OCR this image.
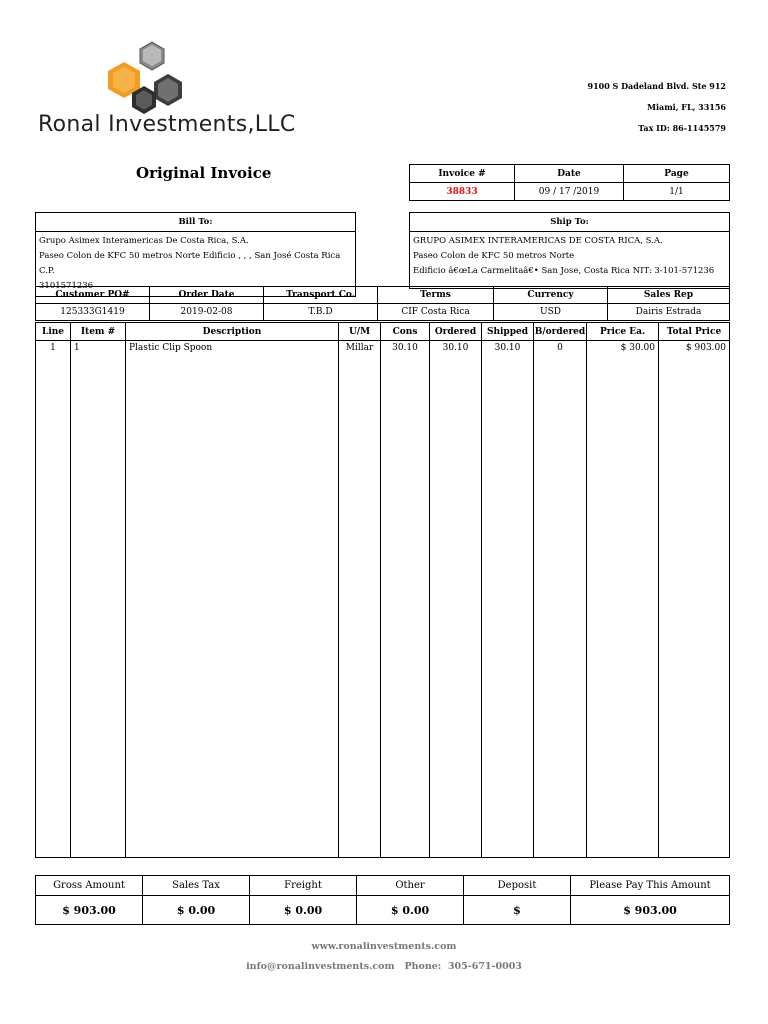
Ronal Investments,LLC
9100 S Dadeland Blvd. Ste 912
Miami, FL, 33156
Tax ID: 86-1145579
Original Invoice	Invoice #	Date	Page
38833	09 / 17 /2019	1/1
Bill To:

Grupo Asimex Interamericas De Costa Rica, S.A.
Paseo Colon de KFC 50 metros Norte Edificio , , , San José Costa Rica C.P.
3101571236
Ship To:

GRUPO ASIMEX INTERAMERICAS DE COSTA RICA, S.A.
Paseo Colon de KFC 50 metros Norte
Edificio â€œLa Carmelitaâ€• San Jose, Costa Rica NIT: 3-101-571236
Customer PO#	Order Date	Transport Co.	Terms	Currency	Sales Rep
125333G1419	2019-02-08	T.B.D	CIF Costa Rica	USD	Dairis Estrada
Line	Item #	Description	U/M	Cons	Ordered	Shipped	B/ordered	Price Ea.	Total Price
1	1	Plastic Clip Spoon	Millar	30.10	30.10	30.10	0	$ 30.00	$ 903.00
Gross Amount	Sales Tax	Freight	Other	Deposit	Please Pay This Amount
$ 903.00	$ 0.00	$ 0.00	$ 0.00	$	$ 903.00
www.ronalinvestments.com
info@ronalinvestments.com   Phone:  305-671-0003
